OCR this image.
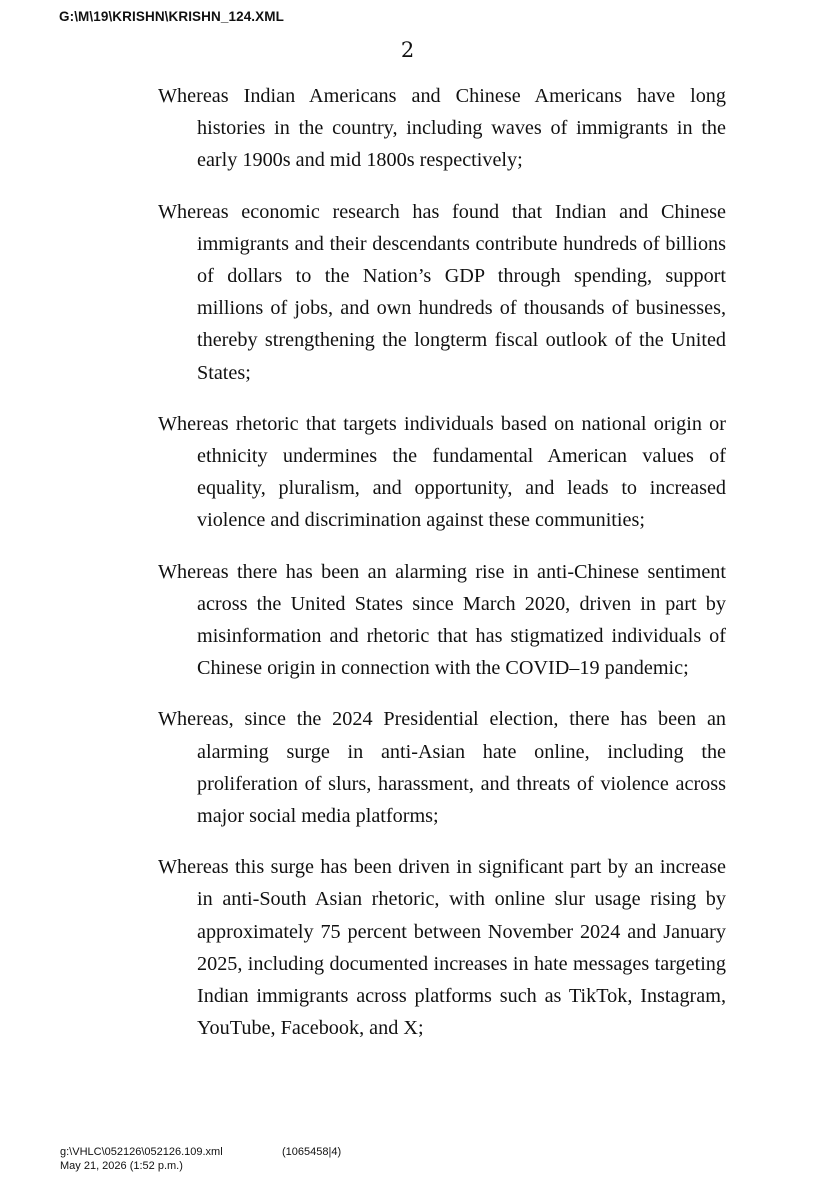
G:\M\19\KRISHN\KRISHN_124.XML
2

Whereas Indian Americans and Chinese Americans have long histories in the country, including waves of immigrants in the early 1900s and mid 1800s respectively;

Whereas economic research has found that Indian and Chinese immigrants and their descendants contribute hundreds of billions of dollars to the Nation’s GDP through spending, support millions of jobs, and own hundreds of thousands of businesses, thereby strengthening the longterm fiscal outlook of the United States;

Whereas rhetoric that targets individuals based on national origin or ethnicity undermines the fundamental American values of equality, pluralism, and opportunity, and leads to increased violence and discrimination against these communities;

Whereas there has been an alarming rise in anti-Chinese sentiment across the United States since March 2020, driven in part by misinformation and rhetoric that has stigmatized individuals of Chinese origin in connection with the COVID–19 pandemic;

Whereas, since the 2024 Presidential election, there has been an alarming surge in anti-Asian hate online, including the proliferation of slurs, harassment, and threats of violence across major social media platforms;

Whereas this surge has been driven in significant part by an increase in anti-South Asian rhetoric, with online slur usage rising by approximately 75 percent between November 2024 and January 2025, including documented increases in hate messages targeting Indian immigrants across platforms such as TikTok, Instagram, YouTube, Facebook, and X;

g:\VHLC\052126\052126.109.xml	(1065458|4)
May 21, 2026 (1:52 p.m.)
